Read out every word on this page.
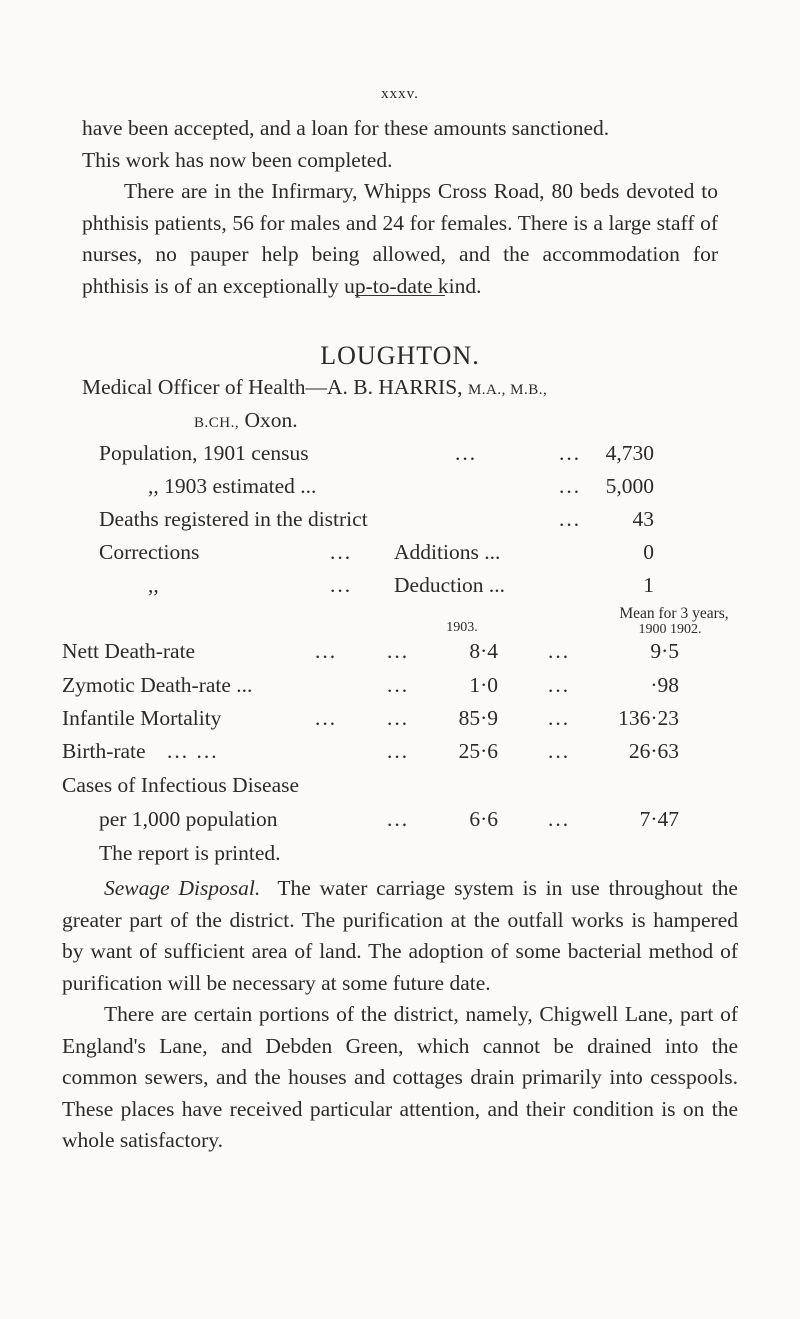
xxxv.

have been accepted, and a loan for these amounts sanctioned.

This work has now been completed.

There are in the Infirmary, Whipps Cross Road, 80 beds devoted to phthisis patients, 56 for males and 24 for females. There is a large staff of nurses, no pauper help being allowed, and the accommodation for phthisis is of an exceptionally up-to-date kind.

LOUGHTON.
Medical Officer of Health—A. B. HARRIS, M.A., M.B.,
B.CH., Oxon.
Population, 1901 census	...	... 4,730
,, 1903 estimated ...	... 5,000
Deaths registered in the district	... 43
Corrections	... Additions ...	0
,,	... Deduction ...	1
1903.
Mean for 3 years,
1900 1902.
Nett Death-rate	... ...	8·4 ...	9·5
Zymotic Death-rate ...	...	1·0 ...	·98
Infantile Mortality	... ... 85·9 ... 136·23
Birth-rate ... ...	... 25·6 ...	26·63
Cases of Infectious Disease
per 1,000 population	...	6·6 ...	7·47
The report is printed.

Sewage Disposal. The water carriage system is in use throughout the greater part of the district. The purification at the outfall works is hampered by want of sufficient area of land. The adoption of some bacterial method of purification will be necessary at some future date.

There are certain portions of the district, namely, Chigwell Lane, part of England's Lane, and Debden Green, which cannot be drained into the common sewers, and the houses and cottages drain primarily into cesspools. These places have received particular attention, and their condition is on the whole satisfactory.
